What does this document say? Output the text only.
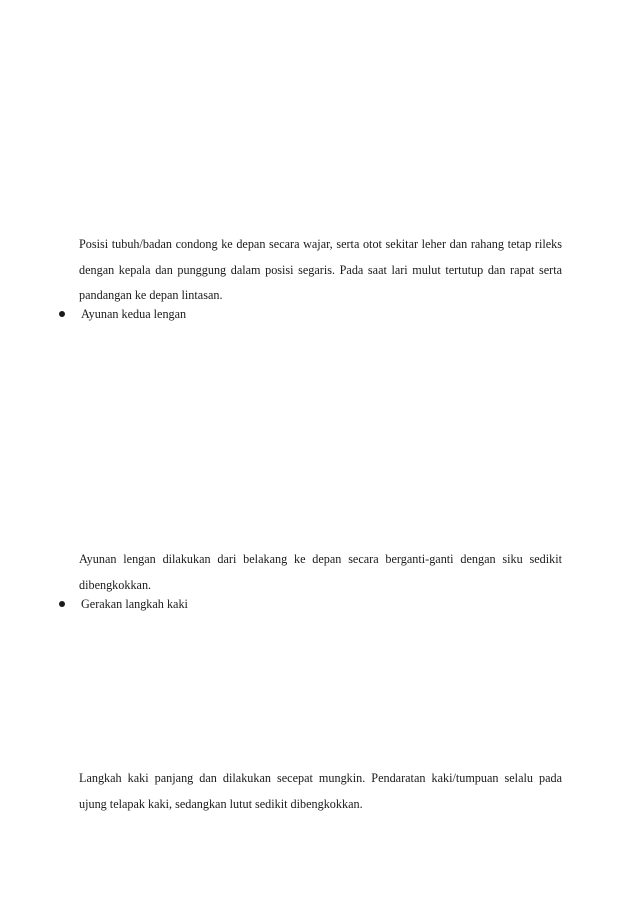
Posisi tubuh/badan condong ke depan secara wajar, serta otot sekitar leher dan rahang tetap rileks dengan kepala dan punggung dalam posisi segaris. Pada saat lari mulut tertutup dan rapat serta pandangan ke depan lintasan.

Ayunan kedua lengan

Ayunan lengan dilakukan dari belakang ke depan secara berganti-ganti dengan siku sedikit dibengkokkan.

Gerakan langkah kaki

Langkah kaki panjang dan dilakukan secepat mungkin. Pendaratan kaki/tumpuan selalu pada ujung telapak kaki, sedangkan lutut sedikit dibengkokkan.
